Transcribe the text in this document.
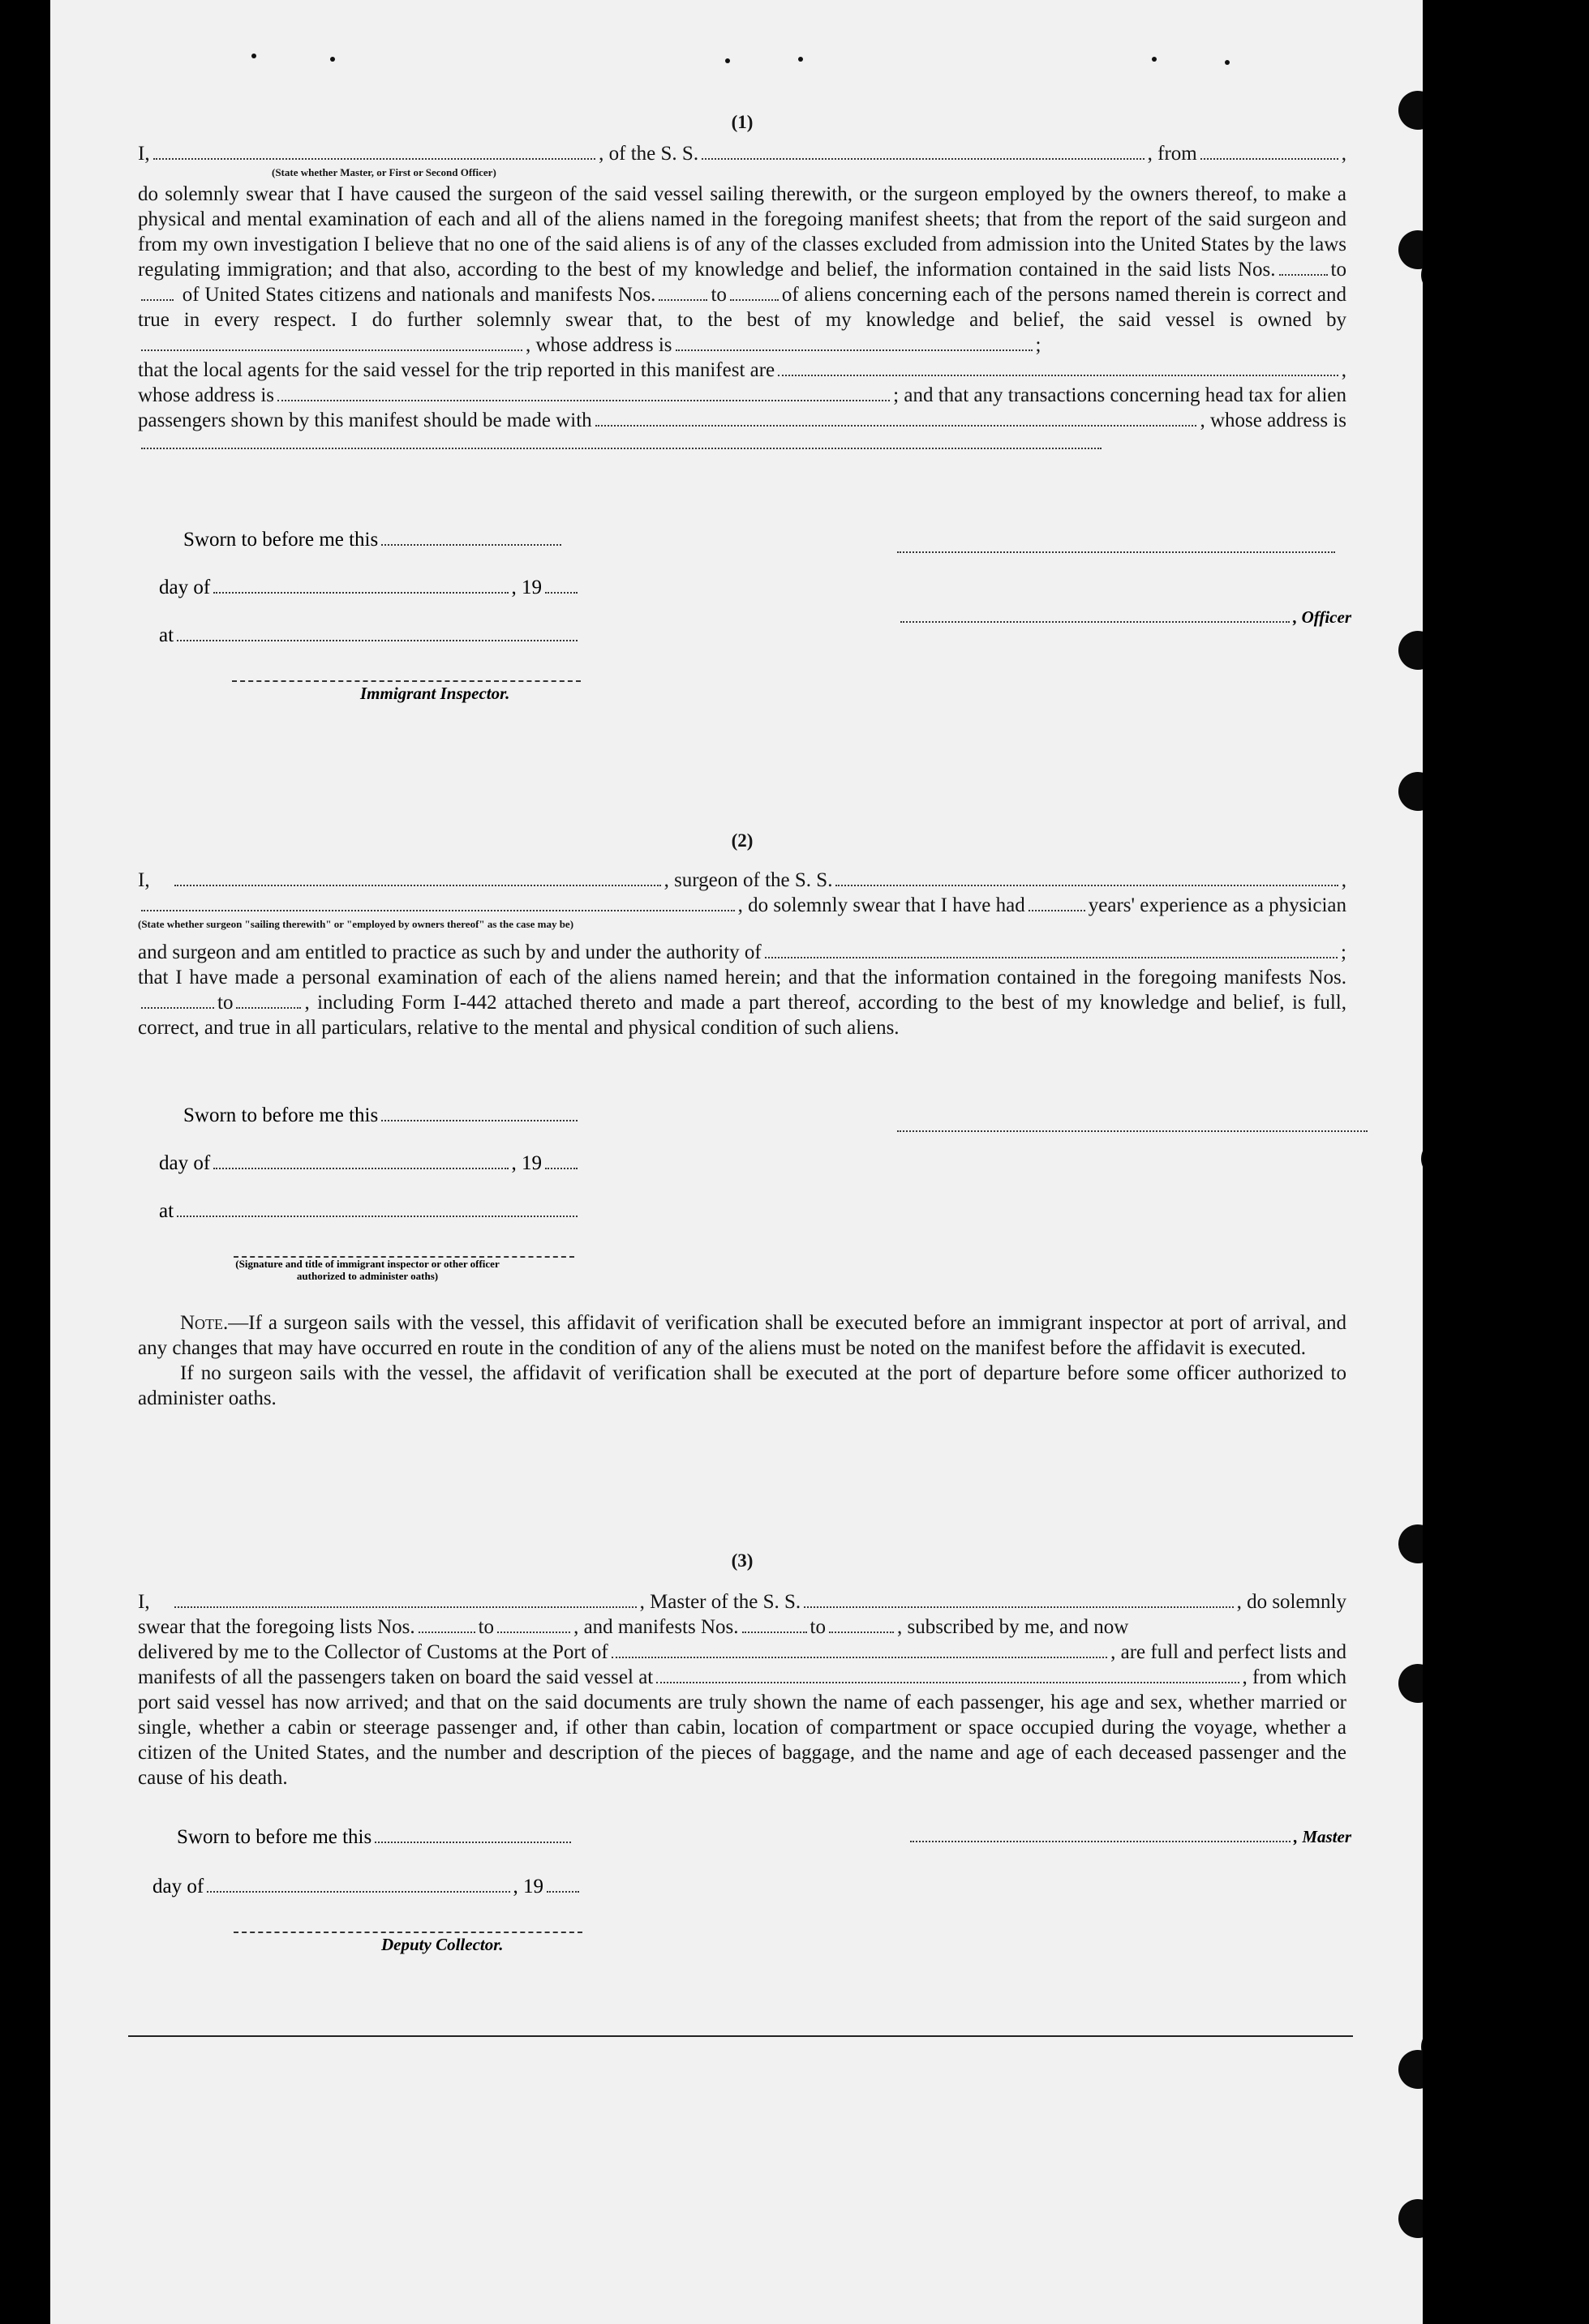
(1)
I,	, of the S. S.	, from	,
(State whether Master, or First or Second Officer)

do solemnly swear that I have caused the surgeon of the said vessel sailing therewith, or the surgeon employed by the owners thereof, to make a physical and mental examination of each and all of the aliens named in the foregoing manifest sheets; that from the report of the said surgeon and from my own investigation I believe that no one of the said aliens is of any of the classes excluded from admission into the United States by the laws regulating immigration; and that also, according to the best of my knowledge and belief, the information contained in the said lists Nos.	to of United States citizens and nationals and manifests Nos.	to	of aliens concerning each of the persons named therein is correct and true in every respect. I do further solemnly swear that, to the best of my knowledge and belief, the said vessel is owned by, whose address is	;

that the local agents for the said vessel for the trip reported in this manifest are	,
whose address is	; and that any transactions concerning head tax for alien
passengers shown by this manifest should be made with	, whose address is
Sworn to before me this
day of	, 19
at
Immigrant Inspector.
, Officer
(2)
I,	, surgeon of the S. S.	,
, do solemnly swear that I have had	years' experience as a physician
(State whether surgeon "sailing therewith" or "employed by owners thereof" as the case may be)
and surgeon and am entitled to practice as such by and under the authority of	;

that I have made a personal examination of each of the aliens named herein; and that the information contained in the foregoing manifests Nos.to	, including Form I-442 attached thereto and made a part thereof, according to the best of my knowledge and belief, is full, correct, and true in all particulars, relative to the mental and physical condition of such aliens.

Sworn to before me this
day of	, 19
at
(Signature and title of immigrant inspector or other officer authorized to administer oaths)

Note.—If a surgeon sails with the vessel, this affidavit of verification shall be executed before an immigrant inspector at port of arrival, and any changes that may have occurred en route in the condition of any of the aliens must be noted on the manifest before the affidavit is executed.

If no surgeon sails with the vessel, the affidavit of verification shall be executed at the port of departure before some officer authorized to administer oaths.

(3)
I,	, Master of the S. S.	, do solemnly
swear that the foregoing lists Nos.	to	, and manifests Nos.	to	, subscribed by me, and now
delivered by me to the Collector of Customs at the Port of	, are full and perfect lists and
manifests of all the passengers taken on board the said vessel at	, from which

port said vessel has now arrived; and that on the said documents are truly shown the name of each passenger, his age and sex, whether married or single, whether a cabin or steerage passenger and, if other than cabin, location of compartment or space occupied during the voyage, whether a citizen of the United States, and the number and description of the pieces of baggage, and the name and age of each deceased passenger and the cause of his death.

Sworn to before me this
day of	, 19
Deputy Collector.
, Master
